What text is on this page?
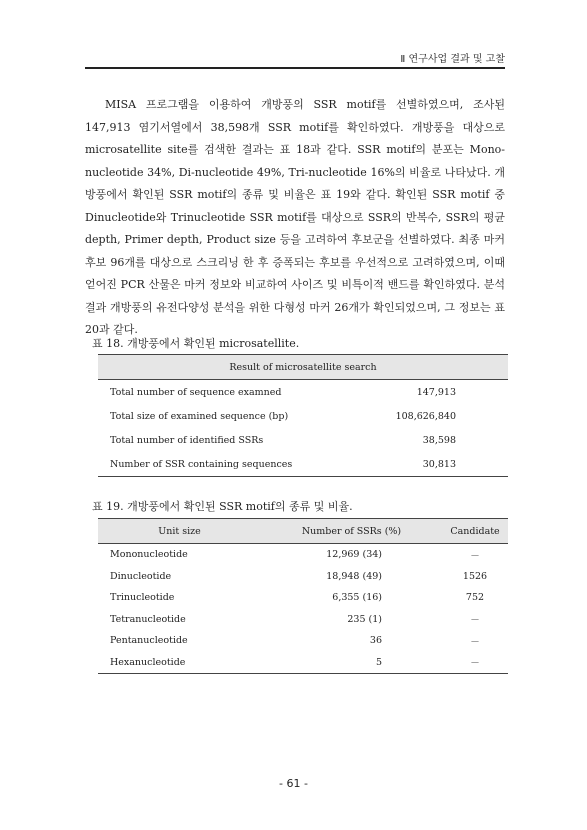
Ⅱ 연구사업 결과 및 고찰

MISA 프로그램을 이용하여 개방풍의 SSR motif를 선별하였으며, 조사된 147,913 염기서열에서 38,598개 SSR motif를 확인하였다. 개방풍을 대상으로 microsatellite site를 검색한 결과는 표 18과 같다. SSR motif의 분포는 Mono-nucleotide 34%, Di-nucleotide 49%, Tri-nucleotide 16%의 비율로 나타났다. 개방풍에서 확인된 SSR motif의 종류 및 비율은 표 19와 같다. 확인된 SSR motif 중 Dinucleotide와 Trinucleotide SSR motif를 대상으로 SSR의 반복수, SSR의 평균 depth, Primer depth, Product size 등을 고려하여 후보군을 선별하였다. 최종 마커후보 96개를 대상으로 스크리닝 한 후 증폭되는 후보를 우선적으로 고려하였으며, 이때 얻어진 PCR 산물은 마커 정보와 비교하여 사이즈 및 비특이적 밴드를 확인하였다. 분석 결과 개방풍의 유전다양성 분석을 위한 다형성 마커 26개가 확인되었으며, 그 정보는 표 20과 같다.

표 18. 개방풍에서 확인된 microsatellite.
Result of microsatellite search	
Total number of sequence examned	147,913
Total size of examined sequence (bp)	108,626,840
Total number of identified SSRs	38,598
Number of SSR containing sequences	30,813
표 19. 개방풍에서 확인된 SSR motif의 종류 및 비율.
Unit size	Number of SSRs (%)	Candidate
Mononucleotide	12,969 (34)	－
Dinucleotide	18,948 (49)	1526
Trinucleotide	6,355 (16)	752
Tetranucleotide	235 (1)	－
Pentanucleotide	36	－
Hexanucleotide	5	－
- 61 -
